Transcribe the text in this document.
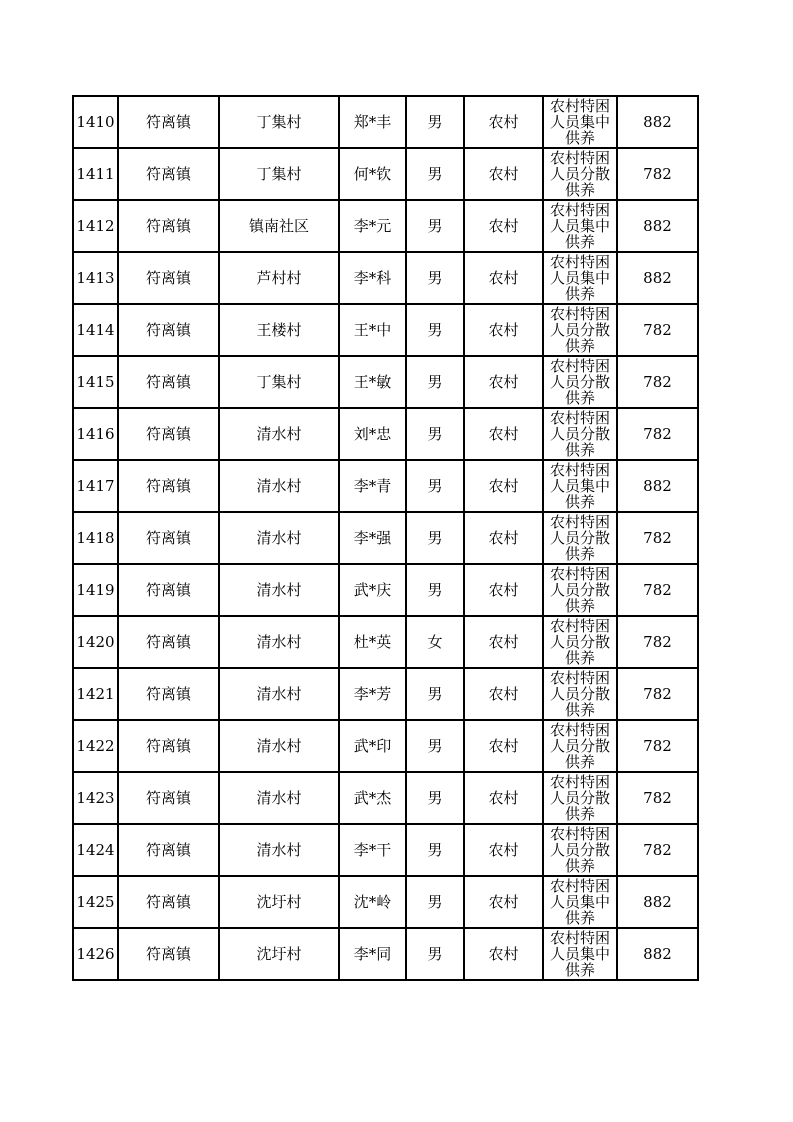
1410	符离镇	丁集村	郑*丰	男	农村	农村特困人员集中供养	882
1411	符离镇	丁集村	何*钦	男	农村	农村特困人员分散供养	782
1412	符离镇	镇南社区	李*元	男	农村	农村特困人员集中供养	882
1413	符离镇	芦村村	李*科	男	农村	农村特困人员集中供养	882
1414	符离镇	王楼村	王*中	男	农村	农村特困人员分散供养	782
1415	符离镇	丁集村	王*敏	男	农村	农村特困人员分散供养	782
1416	符离镇	清水村	刘*忠	男	农村	农村特困人员分散供养	782
1417	符离镇	清水村	李*青	男	农村	农村特困人员集中供养	882
1418	符离镇	清水村	李*强	男	农村	农村特困人员分散供养	782
1419	符离镇	清水村	武*庆	男	农村	农村特困人员分散供养	782
1420	符离镇	清水村	杜*英	女	农村	农村特困人员分散供养	782
1421	符离镇	清水村	李*芳	男	农村	农村特困人员分散供养	782
1422	符离镇	清水村	武*印	男	农村	农村特困人员分散供养	782
1423	符离镇	清水村	武*杰	男	农村	农村特困人员分散供养	782
1424	符离镇	清水村	李*干	男	农村	农村特困人员分散供养	782
1425	符离镇	沈圩村	沈*岭	男	农村	农村特困人员集中供养	882
1426	符离镇	沈圩村	李*同	男	农村	农村特困人员集中供养	882
